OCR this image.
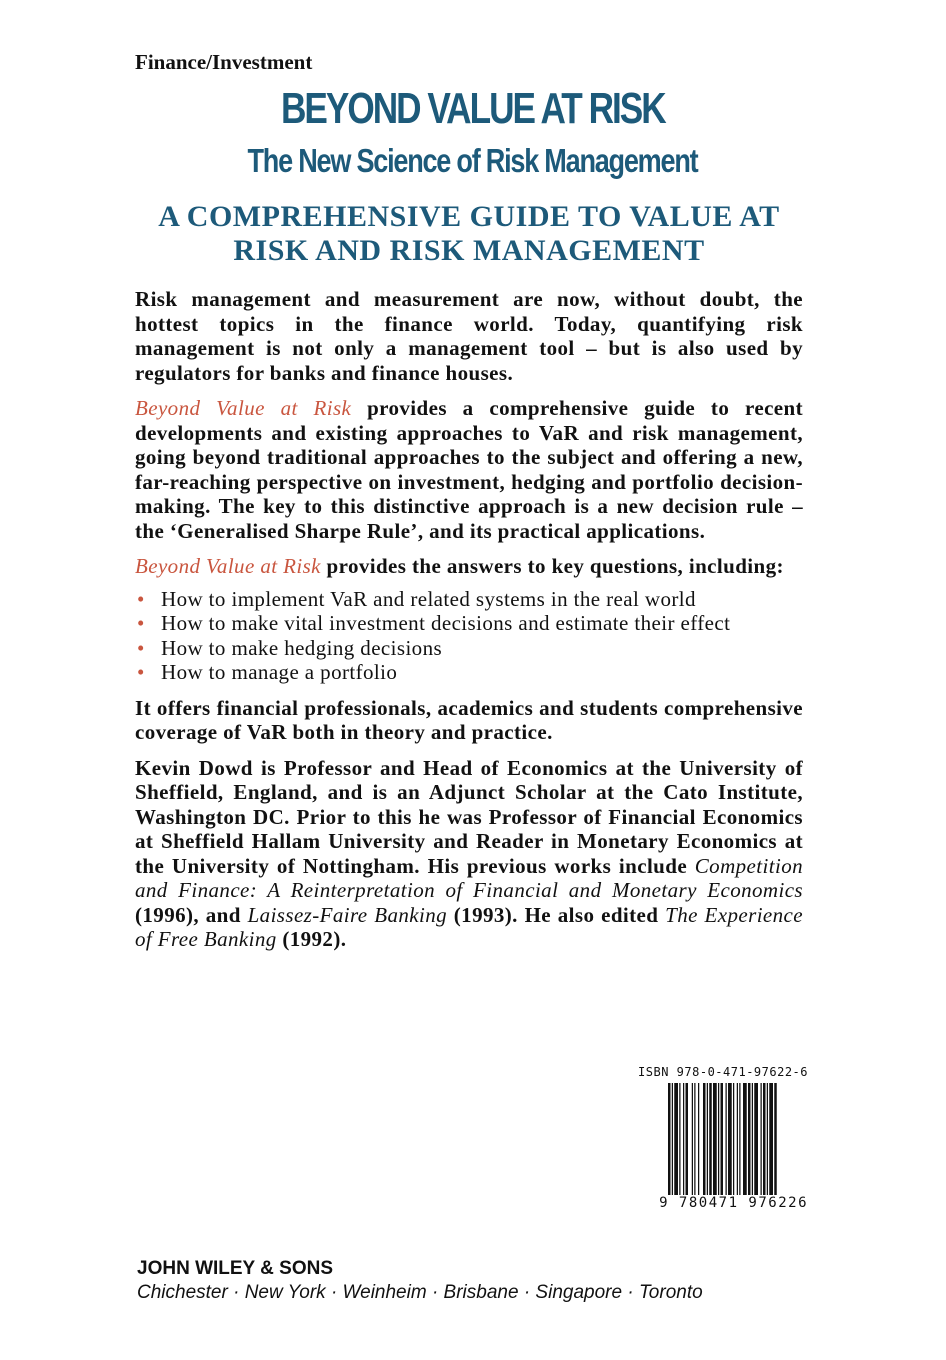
Finance/Investment
BEYOND VALUE AT RISK
The New Science of Risk Management
A COMPREHENSIVE GUIDE TO VALUE AT RISK AND RISK MANAGEMENT

Risk management and measurement are now, without doubt, the hottest topics in the finance world. Today, quantifying risk management is not only a management tool – but is also used by regulators for banks and finance houses.

Beyond Value at Risk provides a comprehensive guide to recent developments and existing approaches to VaR and risk management, going beyond traditional approaches to the subject and offering a new, far-reaching perspective on investment, hedging and portfolio decision-making. The key to this distinctive approach is a new decision rule – the ‘Generalised Sharpe Rule’, and its practical applications.

Beyond Value at Risk provides the answers to key questions, including:

• How to implement VaR and related systems in the real world
• How to make vital investment decisions and estimate their effect
• How to make hedging decisions
• How to manage a portfolio

It offers financial professionals, academics and students comprehensive coverage of VaR both in theory and practice.

Kevin Dowd is Professor and Head of Economics at the University of Sheffield, England, and is an Adjunct Scholar at the Cato Institute, Washington DC. Prior to this he was Professor of Financial Economics at Sheffield Hallam University and Reader in Monetary Economics at the University of Nottingham. His previous works include Competition and Finance: A Reinterpretation of Financial and Monetary Economics (1996), and Laissez-Faire Banking (1993). He also edited The Experience of Free Banking (1992).

ISBN 978-0-471-97622-6
9 780471 976226
JOHN WILEY & SONS
Chichester · New York · Weinheim · Brisbane · Singapore · Toronto
